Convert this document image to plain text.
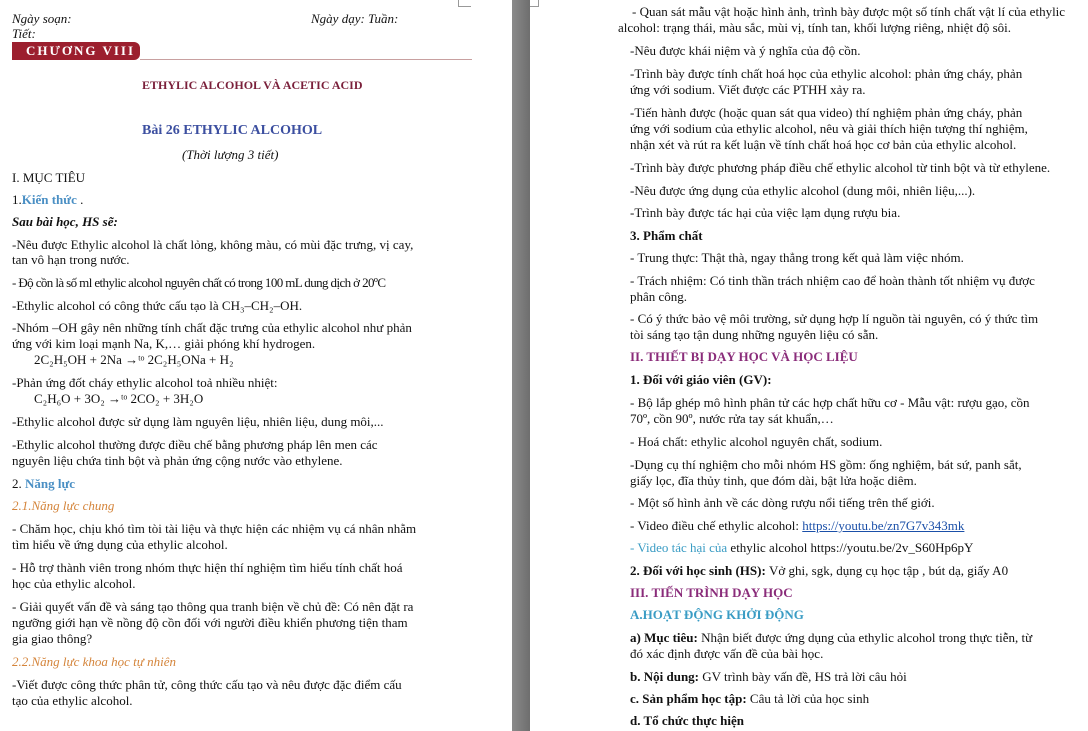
Ngày soạn:	Ngày dạy: Tuần:
Tiết:
CHƯƠNG VIII
ETHYLIC ALCOHOL VÀ ACETIC ACID
Bài 26 ETHYLIC ALCOHOL
(Thời lượng 3 tiết)
I. MỤC TIÊU
1.Kiến thức .
Sau bài học, HS sẽ:
-Nêu được Ethylic alcohol là chất lỏng, không màu, có mùi đặc trưng, vị cay,
tan vô hạn trong nước.
- Độ cồn là số ml ethylic alcohol nguyên chất có trong 100 mL dung dịch ở 20ºC
-Ethylic alcohol có công thức cấu tạo là CH₃–CH₂–OH.
-Nhóm –OH gây nên những tính chất đặc trưng của ethylic alcohol như phản
ứng với kim loại mạnh Na, K,… giải phóng khí hydrogen.
2C₂H₅OH + 2Na →ᵗᵒ 2C₂H₅ONa + H₂
-Phản ứng đốt cháy ethylic alcohol toả nhiều nhiệt:
C₂H₆O + 3O₂ →ᵗᵒ 2CO₂ + 3H₂O
-Ethylic alcohol được sử dụng làm nguyên liệu, nhiên liệu, dung môi,...
-Ethylic alcohol thường được điều chế bằng phương pháp lên men các
nguyên liệu chứa tinh bột và phản ứng cộng nước vào ethylene.
2. Năng lực
2.1.Năng lực chung
- Chăm học, chịu khó tìm tòi tài liệu và thực hiện các nhiệm vụ cá nhân nhằm
tìm hiểu về ứng dụng của ethylic alcohol.
- Hỗ trợ thành viên trong nhóm thực hiện thí nghiệm tìm hiểu tính chất hoá
học của ethylic alcohol.
- Giải quyết vấn đề và sáng tạo thông qua tranh biện về chủ đề: Có nên đặt ra
ngưỡng giới hạn về nồng độ cồn đối với người điều khiển phương tiện tham
gia giao thông?
2.2.Năng lực khoa học tự nhiên
-Viết được công thức phân tử, công thức cấu tạo và nêu được đặc điểm cấu
tạo của ethylic alcohol.
- Quan sát mẫu vật hoặc hình ảnh, trình bày được một số tính chất vật lí của ethylic
alcohol: trạng thái, màu sắc, mùi vị, tính tan, khối lượng riêng, nhiệt độ sôi.
-Nêu được khái niệm và ý nghĩa của độ cồn.
-Trình bày được tính chất hoá học của ethylic alcohol: phản ứng cháy, phản
ứng với sodium. Viết được các PTHH xảy ra.
-Tiến hành được (hoặc quan sát qua video) thí nghiệm phản ứng cháy, phản
ứng với sodium của ethylic alcohol, nêu và giải thích hiện tượng thí nghiệm,
nhận xét và rút ra kết luận về tính chất hoá học cơ bản của ethylic alcohol.
-Trình bày được phương pháp điều chế ethylic alcohol từ tinh bột và từ ethylene.
-Nêu được ứng dụng của ethylic alcohol (dung môi, nhiên liệu,...).
-Trình bày được tác hại của việc lạm dụng rượu bia.
3. Phẩm chất
- Trung thực: Thật thà, ngay thẳng trong kết quả làm việc nhóm.
- Trách nhiệm: Có tinh thần trách nhiệm cao để hoàn thành tốt nhiệm vụ được
phân công.
- Có ý thức bảo vệ môi trường, sử dụng hợp lí nguồn tài nguyên, có ý thức tìm
tòi sáng tạo tận dung những nguyên liệu có sẵn.
II. THIẾT BỊ DẠY HỌC VÀ HỌC LIỆU
1. Đối với giáo viên (GV):
- Bộ lắp ghép mô hình phân tử các hợp chất hữu cơ - Mẫu vật: rượu gạo, cồn
70º, cồn 90º, nước rửa tay sát khuẩn,…
- Hoá chất: ethylic alcohol nguyên chất, sodium.
-Dụng cụ thí nghiệm cho mỗi nhóm HS gồm: ống nghiệm, bát sứ, panh sắt,
giấy lọc, đĩa thủy tinh, que đóm dài, bật lửa hoặc diêm.
- Một số hình ảnh về các dòng rượu nổi tiếng trên thế giới.
- Video điều chế ethylic alcohol: https://youtu.be/zn7G7v343mk
- Video tác hại của ethylic alcohol https://youtu.be/2v_S60Hp6pY
2. Đối với học sinh (HS): Vở ghi, sgk, dụng cụ học tập , bút dạ, giấy A0
III. TIẾN TRÌNH DẠY HỌC
A.HOẠT ĐỘNG KHỞI ĐỘNG
a) Mục tiêu: Nhận biết được ứng dụng của ethylic alcohol trong thực tiễn, từ
đó xác định được vấn đề của bài học.
b. Nội dung: GV trình bày vấn đề, HS trả lời câu hỏi
c. Sản phẩm học tập: Câu tả lời của học sinh
d. Tổ chức thực hiện
